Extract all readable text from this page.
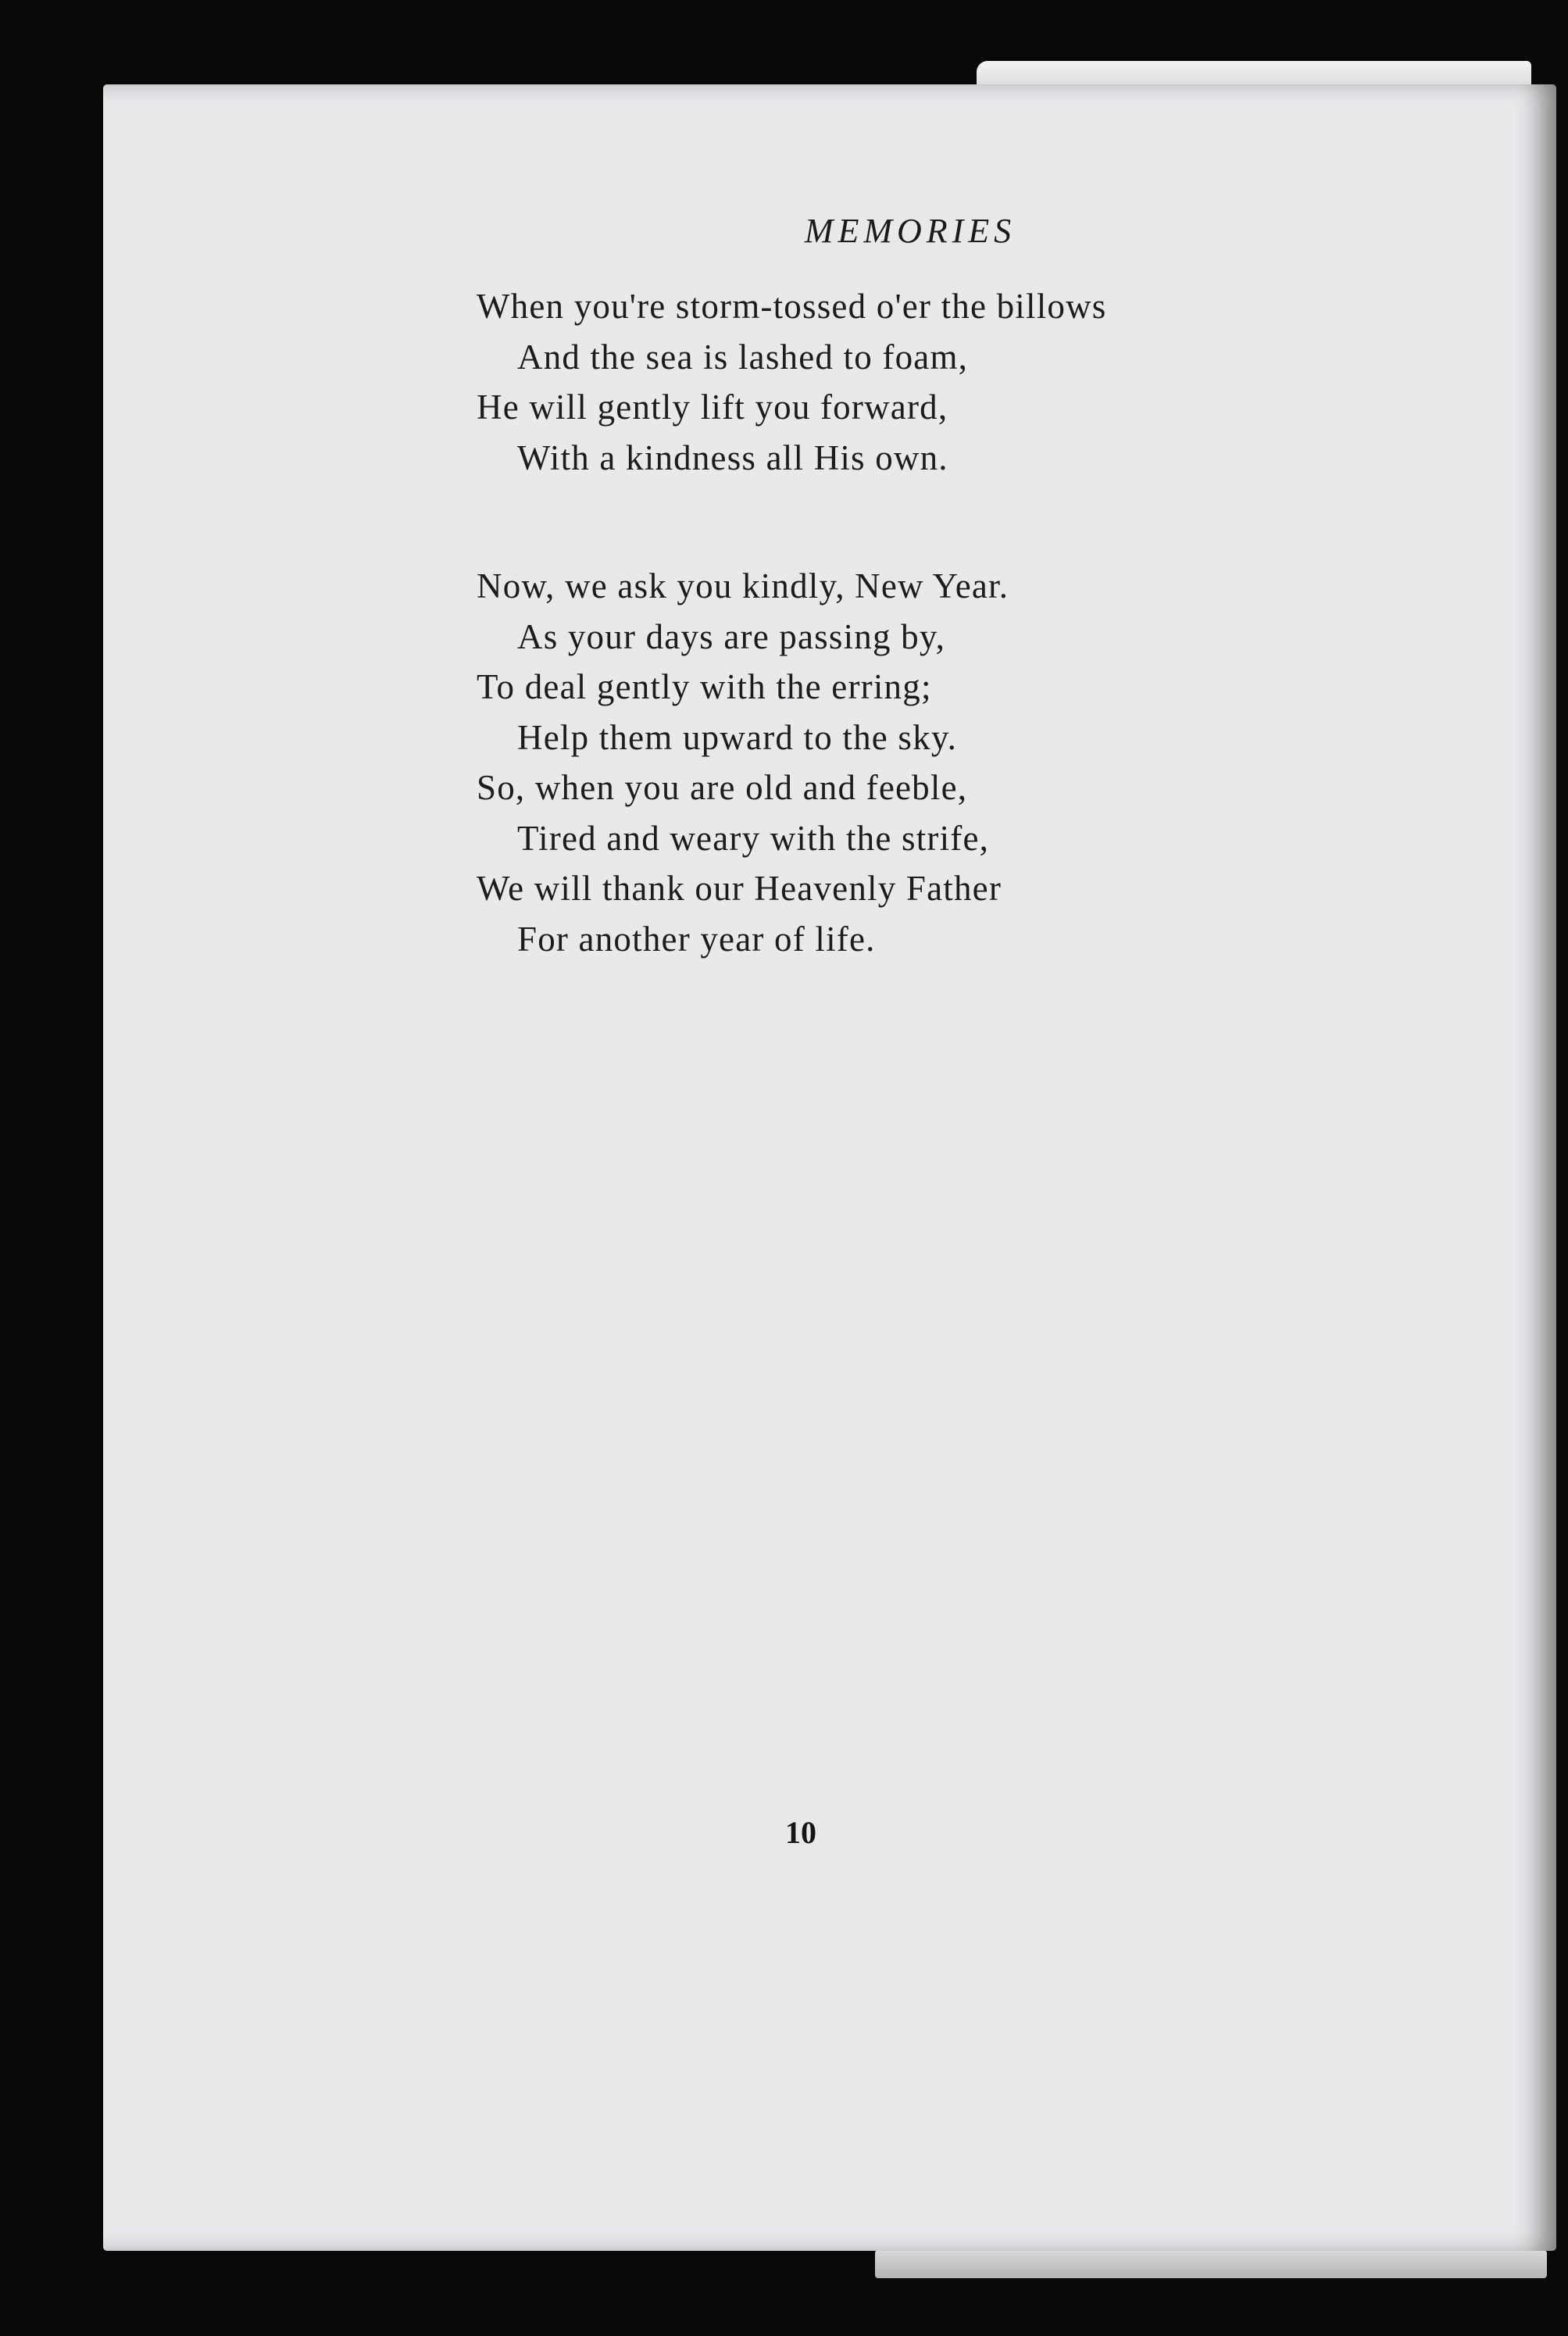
MEMORIES
When you're storm-tossed o'er the billows
And the sea is lashed to foam,
He will gently lift you forward,
With a kindness all His own.
Now, we ask you kindly, New Year.
As your days are passing by,
To deal gently with the erring;
Help them upward to the sky.
So, when you are old and feeble,
Tired and weary with the strife,
We will thank our Heavenly Father
For another year of life.

10
